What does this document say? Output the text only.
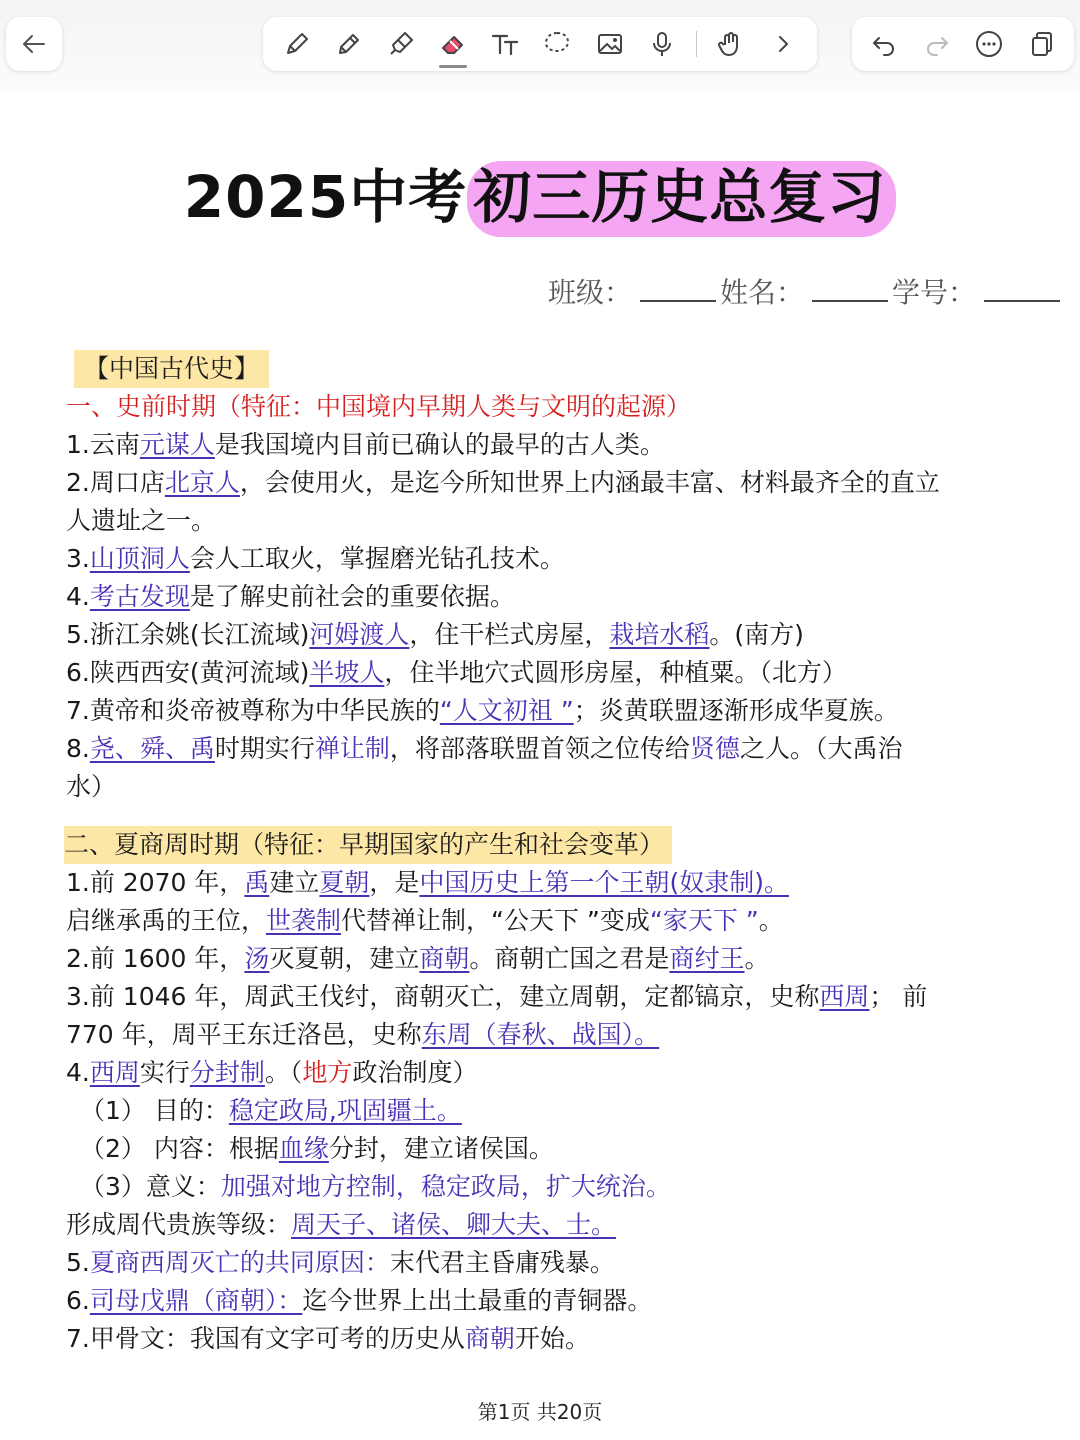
2025中考 初三历史总复习
班级：	姓名：	学号：
【中国古代史】
一、史前时期（特征：中国境内早期人类与文明的起源）
1.云南元谋人是我国境内目前已确认的最早的古人类。
2.周口店北京人，会使用火，是迄今所知世界上内涵最丰富、材料最齐全的直立
人遗址之一。
3.山顶洞人会人工取火，掌握磨光钻孔技术。
4.考古发现是了解史前社会的重要依据。
5.浙江余姚(长江流域)河姆渡人，住干栏式房屋，栽培水稻。(南方)
6.陕西西安(黄河流域)半坡人，住半地穴式圆形房屋，种植粟。（北方）
7.黄帝和炎帝被尊称为中华民族的“人文初祖 ”；炎黄联盟逐渐形成华夏族。
8.尧、舜、禹时期实行禅让制，将部落联盟首领之位传给贤德之人。（大禹治
水）
二、夏商周时期（特征：早期国家的产生和社会变革）
1.前 2070 年，禹建立夏朝，是中国历史上第一个王朝(奴隶制)。
启继承禹的王位，世袭制代替禅让制，“公天下 ”变成“家天下 ”。
2.前 1600 年，汤灭夏朝，建立商朝。商朝亡国之君是商纣王。
3.前 1046 年，周武王伐纣，商朝灭亡，建立周朝，定都镐京，史称西周； 前
770 年，周平王东迁洛邑，史称东周（春秋、战国）。
4.西周实行分封制。（地方政治制度）
（1） 目的：稳定政局,巩固疆土。
（2） 内容：根据血缘分封，建立诸侯国。
（3）意义：加强对地方控制，稳定政局，扩大统治。
形成周代贵族等级：周天子、诸侯、卿大夫、士。
5.夏商西周灭亡的共同原因：末代君主昏庸残暴。
6.司母戊鼎（商朝）：迄今世界上出土最重的青铜器。
7.甲骨文：我国有文字可考的历史从商朝开始。
第1页 共20页
